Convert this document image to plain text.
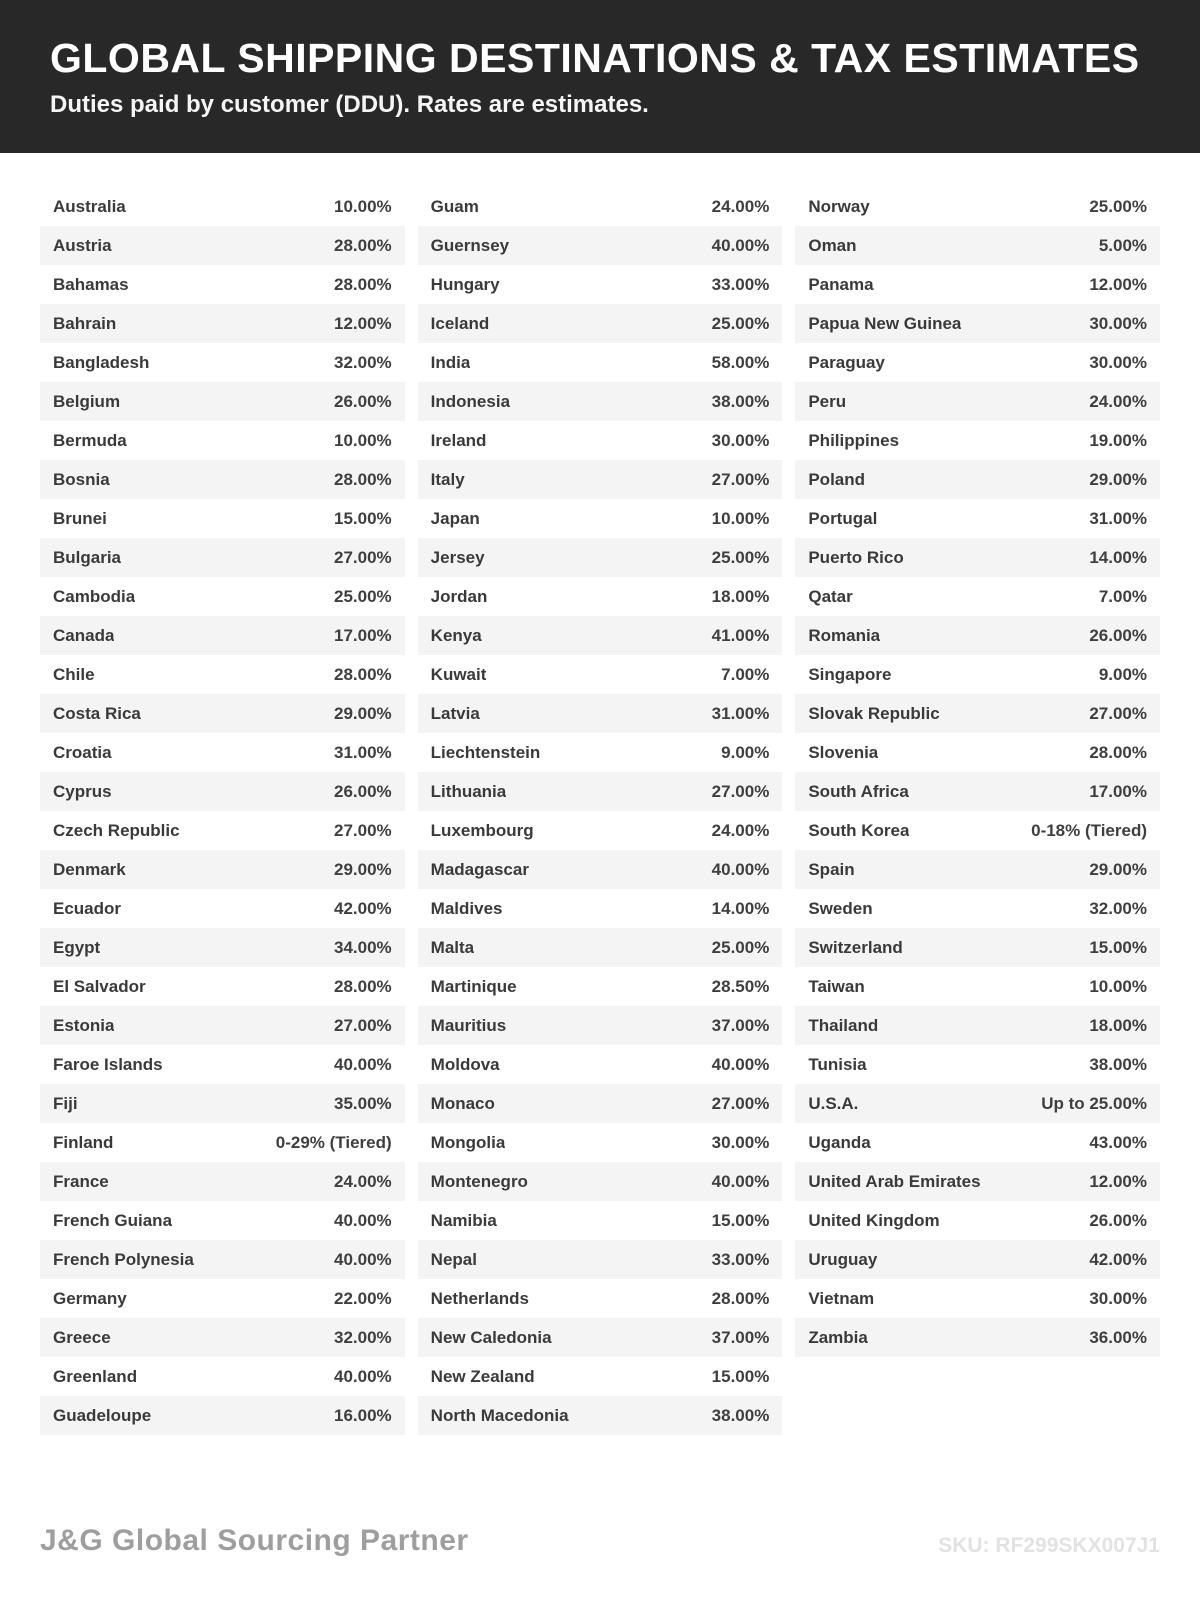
GLOBAL SHIPPING DESTINATIONS & TAX ESTIMATES
Duties paid by customer (DDU). Rates are estimates.
Australia	10.00%
Austria	28.00%
Bahamas	28.00%
Bahrain	12.00%
Bangladesh	32.00%
Belgium	26.00%
Bermuda	10.00%
Bosnia	28.00%
Brunei	15.00%
Bulgaria	27.00%
Cambodia	25.00%
Canada	17.00%
Chile	28.00%
Costa Rica	29.00%
Croatia	31.00%
Cyprus	26.00%
Czech Republic	27.00%
Denmark	29.00%
Ecuador	42.00%
Egypt	34.00%
El Salvador	28.00%
Estonia	27.00%
Faroe Islands	40.00%
Fiji	35.00%
Finland	0-29% (Tiered)
France	24.00%
French Guiana	40.00%
French Polynesia	40.00%
Germany	22.00%
Greece	32.00%
Greenland	40.00%
Guadeloupe	16.00%
Guam	24.00%
Guernsey	40.00%
Hungary	33.00%
Iceland	25.00%
India	58.00%
Indonesia	38.00%
Ireland	30.00%
Italy	27.00%
Japan	10.00%
Jersey	25.00%
Jordan	18.00%
Kenya	41.00%
Kuwait	7.00%
Latvia	31.00%
Liechtenstein	9.00%
Lithuania	27.00%
Luxembourg	24.00%
Madagascar	40.00%
Maldives	14.00%
Malta	25.00%
Martinique	28.50%
Mauritius	37.00%
Moldova	40.00%
Monaco	27.00%
Mongolia	30.00%
Montenegro	40.00%
Namibia	15.00%
Nepal	33.00%
Netherlands	28.00%
New Caledonia	37.00%
New Zealand	15.00%
North Macedonia	38.00%
Norway	25.00%
Oman	5.00%
Panama	12.00%
Papua New Guinea	30.00%
Paraguay	30.00%
Peru	24.00%
Philippines	19.00%
Poland	29.00%
Portugal	31.00%
Puerto Rico	14.00%
Qatar	7.00%
Romania	26.00%
Singapore	9.00%
Slovak Republic	27.00%
Slovenia	28.00%
South Africa	17.00%
South Korea	0-18% (Tiered)
Spain	29.00%
Sweden	32.00%
Switzerland	15.00%
Taiwan	10.00%
Thailand	18.00%
Tunisia	38.00%
U.S.A.	Up to 25.00%
Uganda	43.00%
United Arab Emirates	12.00%
United Kingdom	26.00%
Uruguay	42.00%
Vietnam	30.00%
Zambia	36.00%
J&G Global Sourcing Partner	SKU: RF299SKX007J1
